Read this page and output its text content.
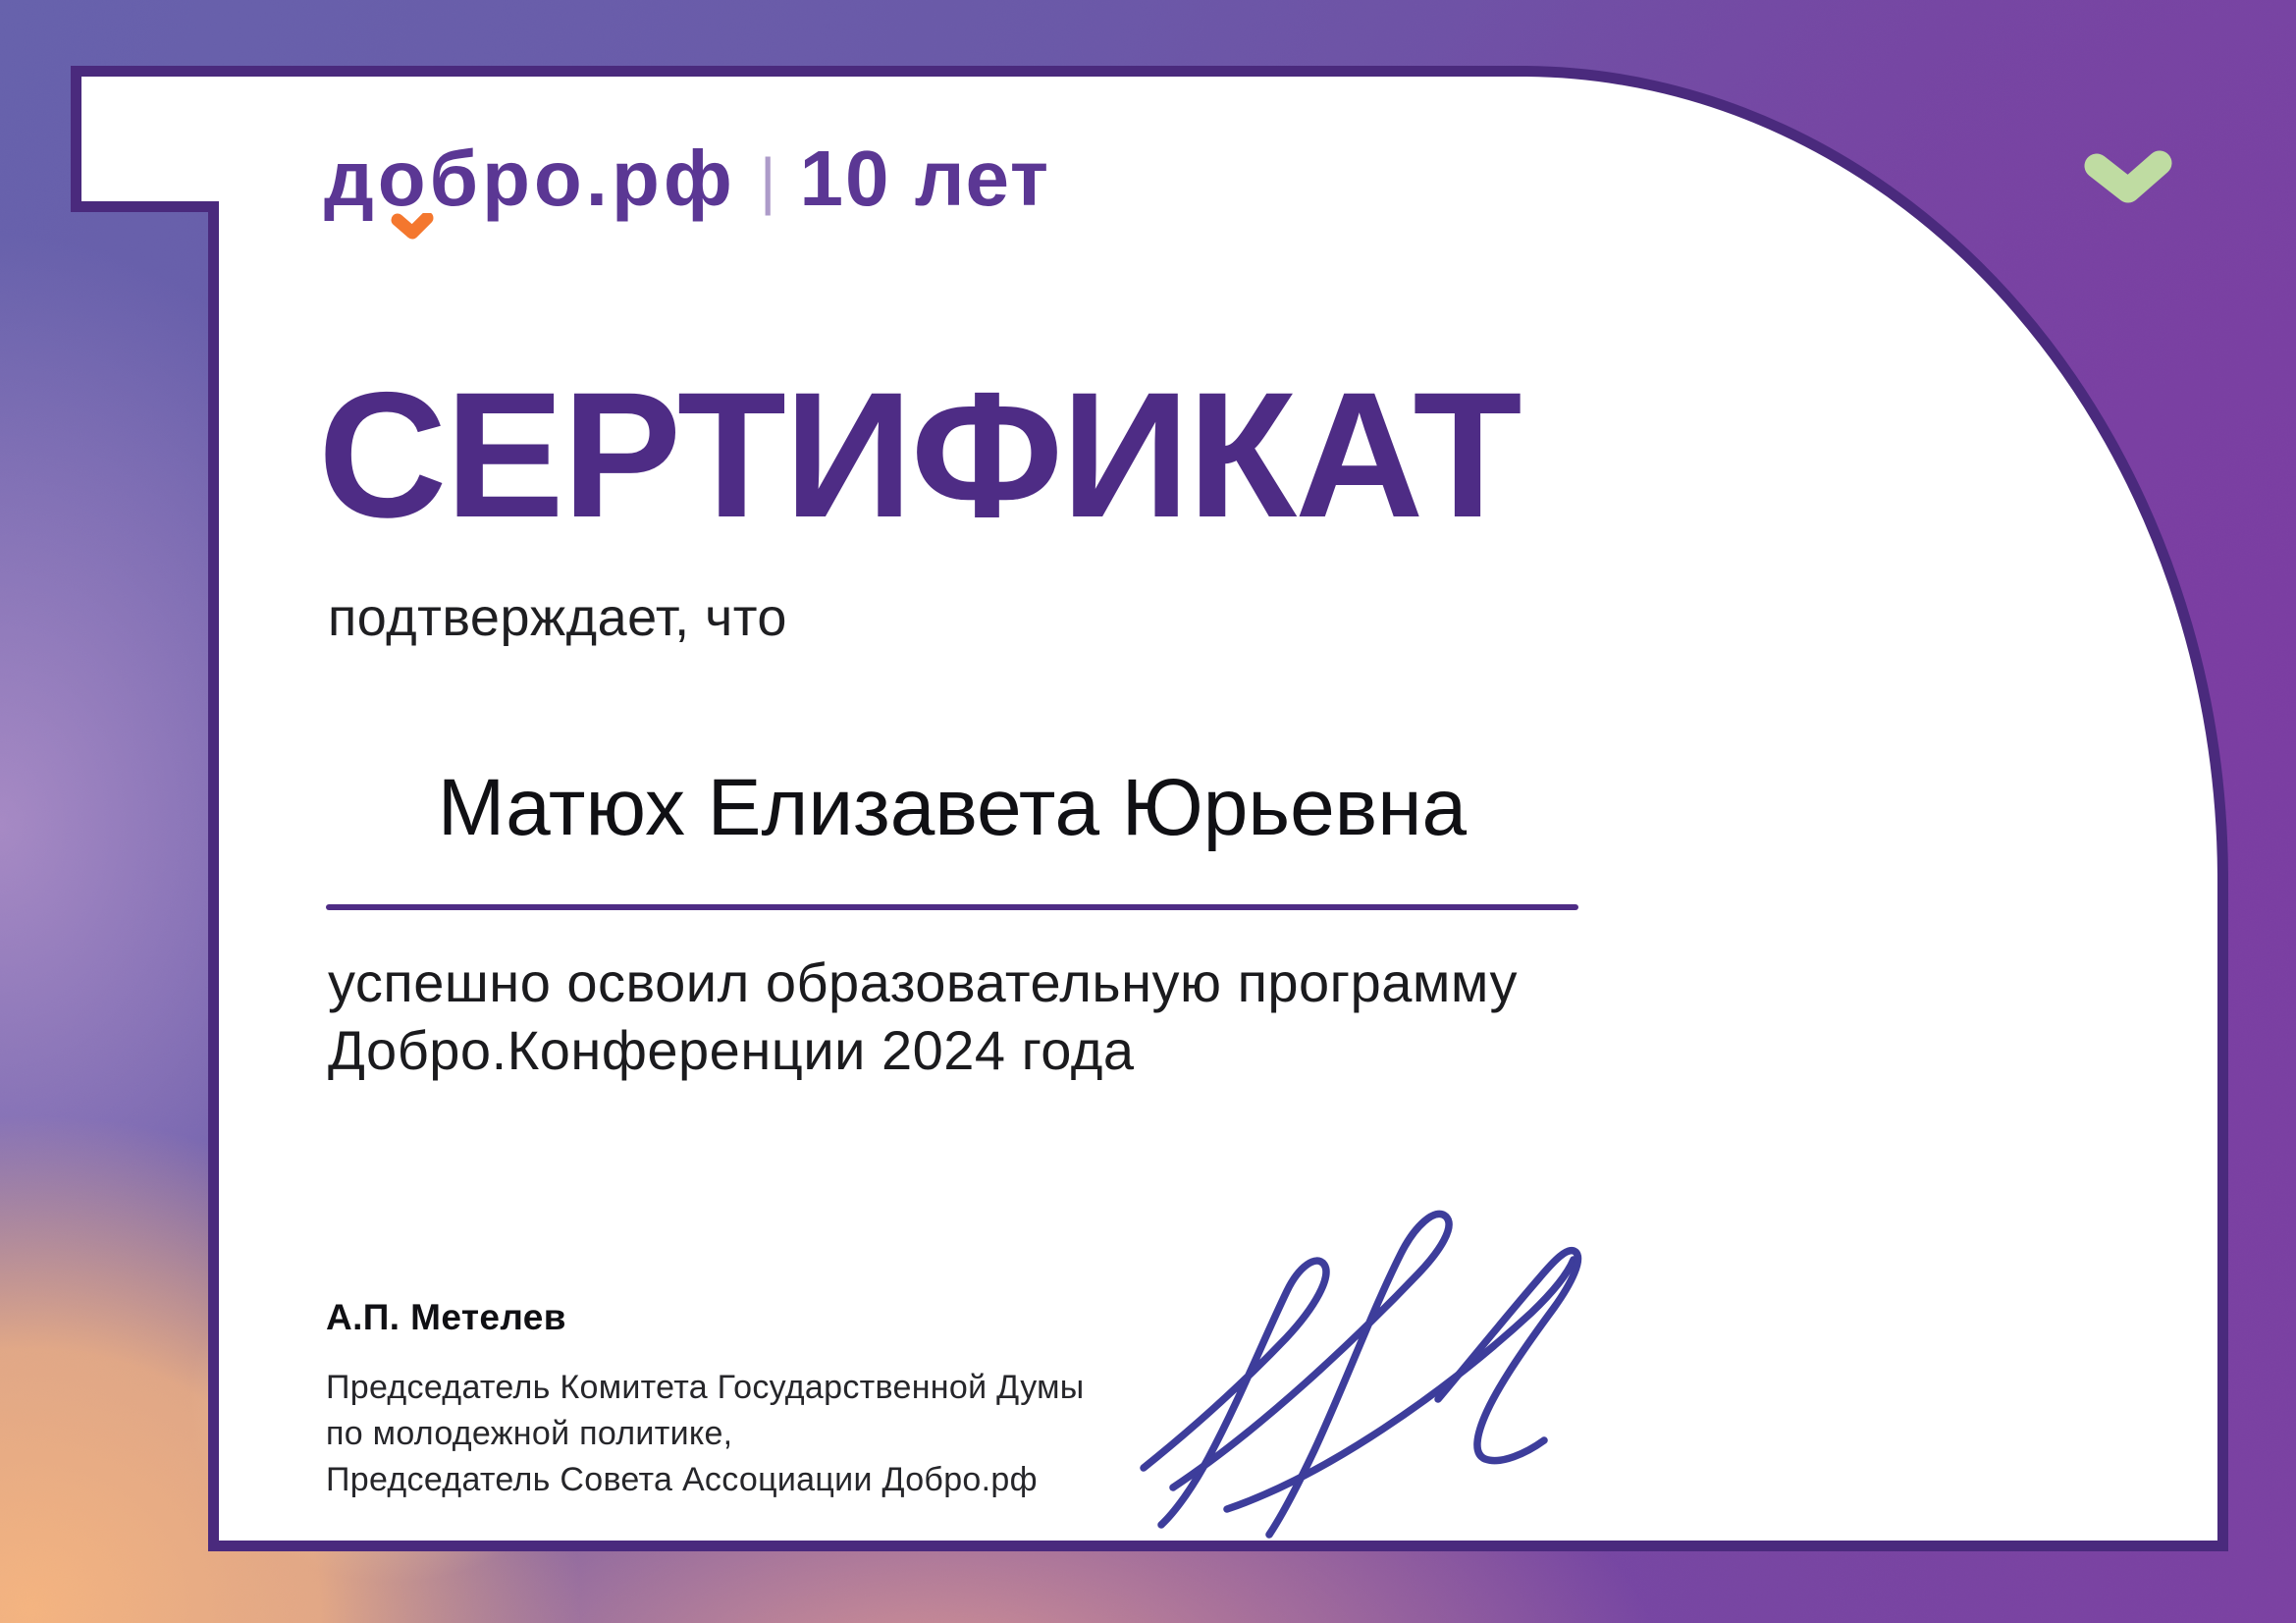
добро.рф | 10 лет
СЕРТИФИКАТ
подтверждает, что
Матюх Елизавета Юрьевна
успешно освоил образовательную программу
Добро.Конференции 2024 года
А.П. Метелев
Председатель Комитета Государственной Думы
по молодежной политике,
Председатель Совета Ассоциации Добро.рф
